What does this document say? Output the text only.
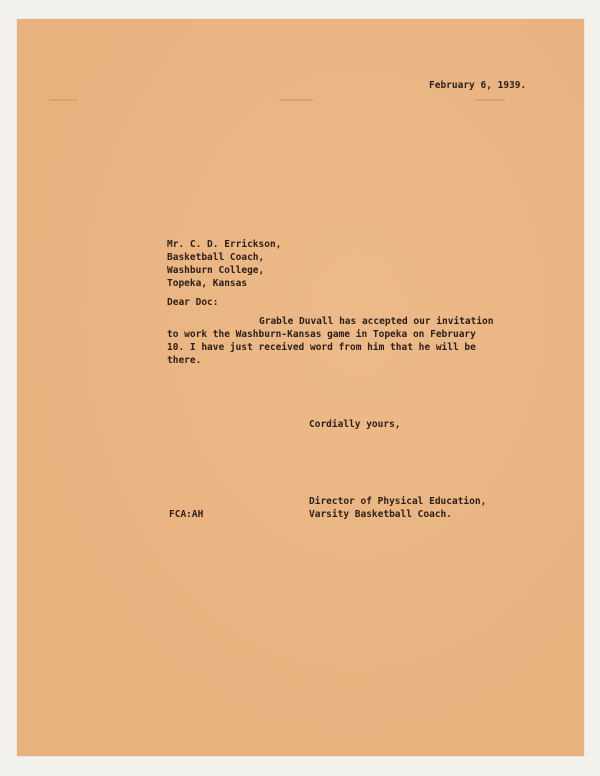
February 6, 1939.

Mr. C. D. Errickson,

Basketball Coach,

Washburn College,

Topeka, Kansas

Dear Doc:

Grable Duvall has accepted our invitation

to work the Washburn-Kansas game in Topeka on February

10. I have just received word from him that he will be

there.

Cordially yours,

Director of Physical Education,

Varsity Basketball Coach.

FCA:AH
